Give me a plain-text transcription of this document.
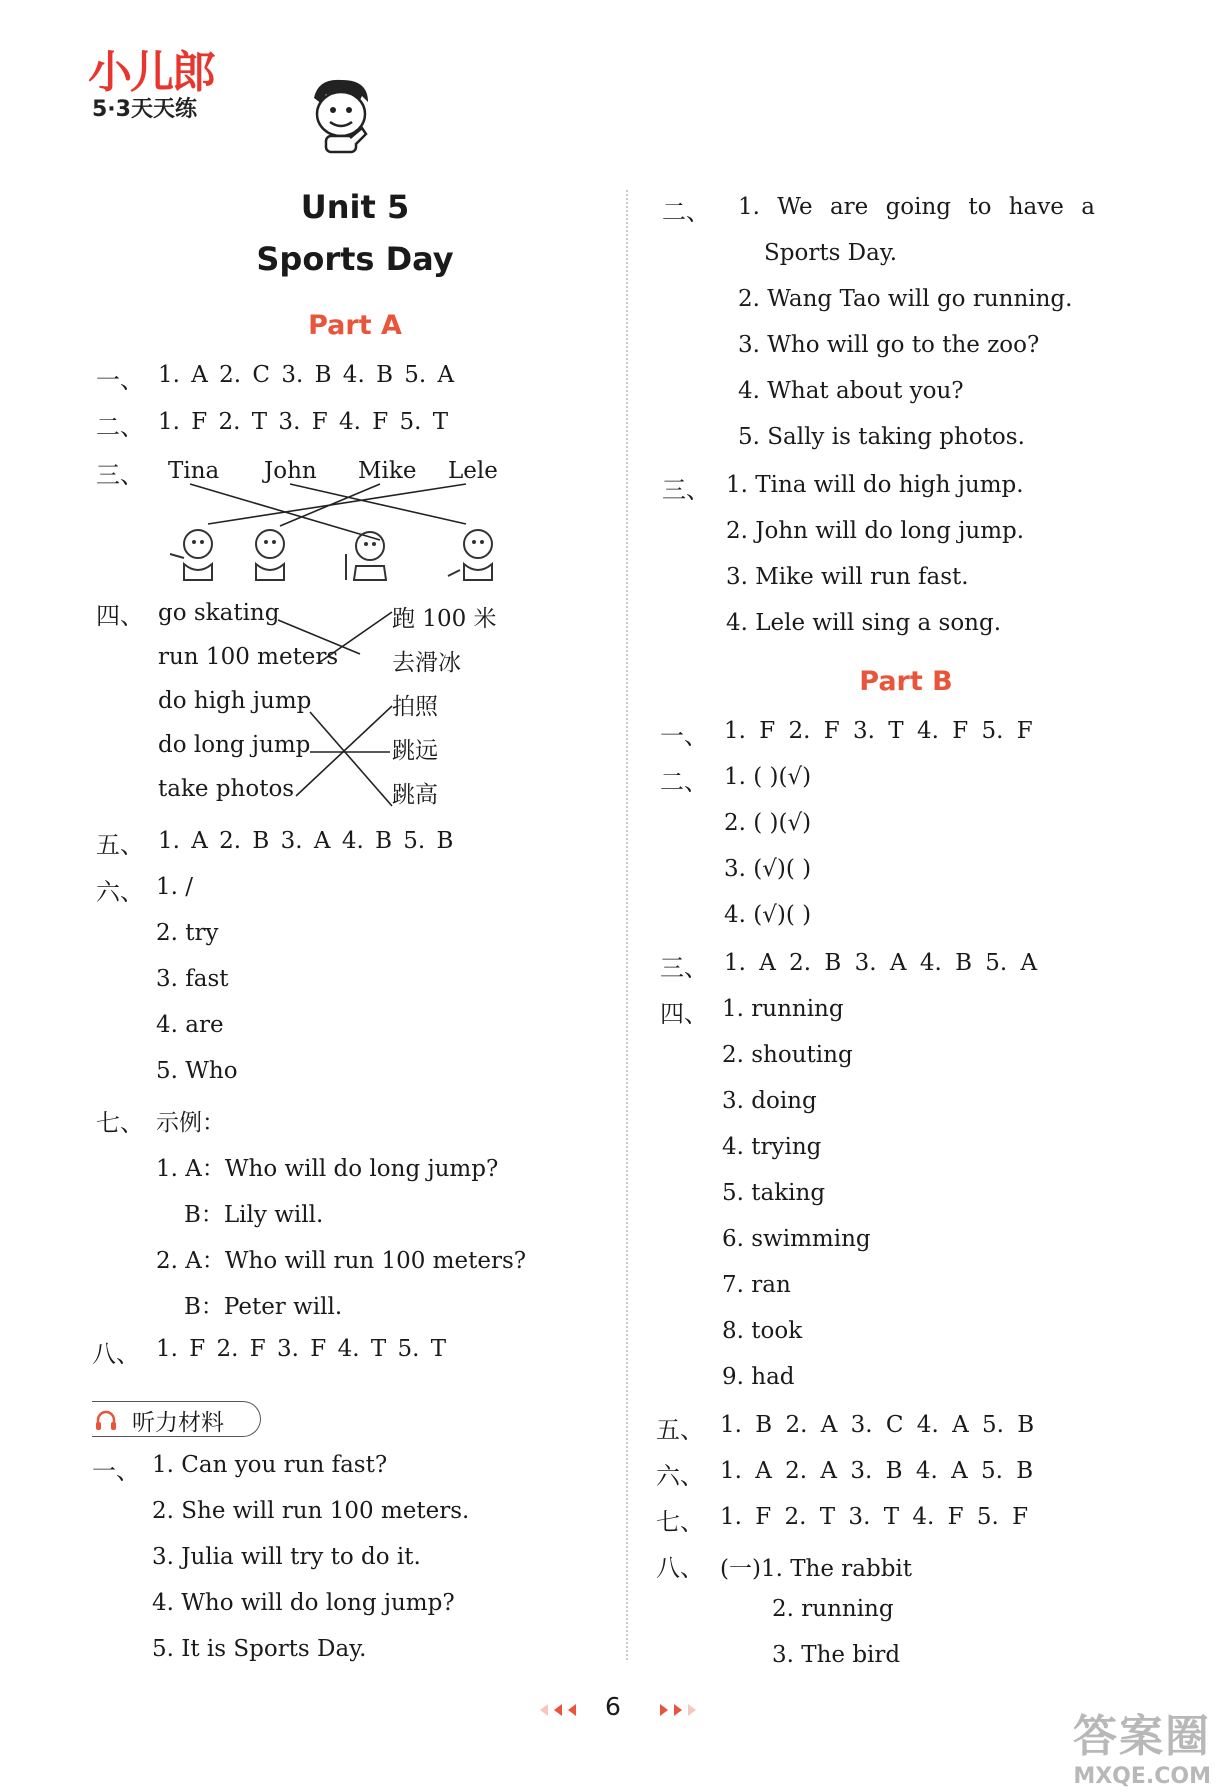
小儿郎
5·3天天练
Unit 5
Sports Day
Part A
一、 1. A 2. C 3. B 4. B 5. A
二、 1. F 2. T 3. F 4. F 5. T
三、 Tina John Mike Lele
四、 go skating
run 100 meters
do high jump
do long jump
take photos
跑 100 米
去滑冰
拍照
跳远
跳高
五、 1. A 2. B 3. A 4. B 5. B
六、 1. /
2. try
3. fast
4. are
5. Who
七、 示例：
1. A：Who will do long jump?
B：Lily will.
2. A：Who will run 100 meters?
B：Peter will.
八、 1. F 2. F 3. F 4. T 5. T
听力材料
一、 1. Can you run fast?
2. She will run 100 meters.
3. Julia will try to do it.
4. Who will do long jump?
5. It is Sports Day.
二、 1. We are going to have a
Sports Day.
2. Wang Tao will go running.
3. Who will go to the zoo?
4. What about you?
5. Sally is taking photos.
三、 1. Tina will do high jump.
2. John will do long jump.
3. Mike will run fast.
4. Lele will sing a song.
Part B
一、 1. F 2. F 3. T 4. F 5. F
二、 1. ( )(√)
2. ( )(√)
3. (√)( )
4. (√)( )
三、 1. A 2. B 3. A 4. B 5. A
四、 1. running
2. shouting
3. doing
4. trying
5. taking
6. swimming
7. ran
8. took
9. had
五、 1. B 2. A 3. C 4. A 5. B
六、 1. A 2. A 3. B 4. A 5. B
七、 1. F 2. T 3. T 4. F 5. F
八、 (一)1. The rabbit
2. running
3. The bird
6
答案圈
MXQE.COM
